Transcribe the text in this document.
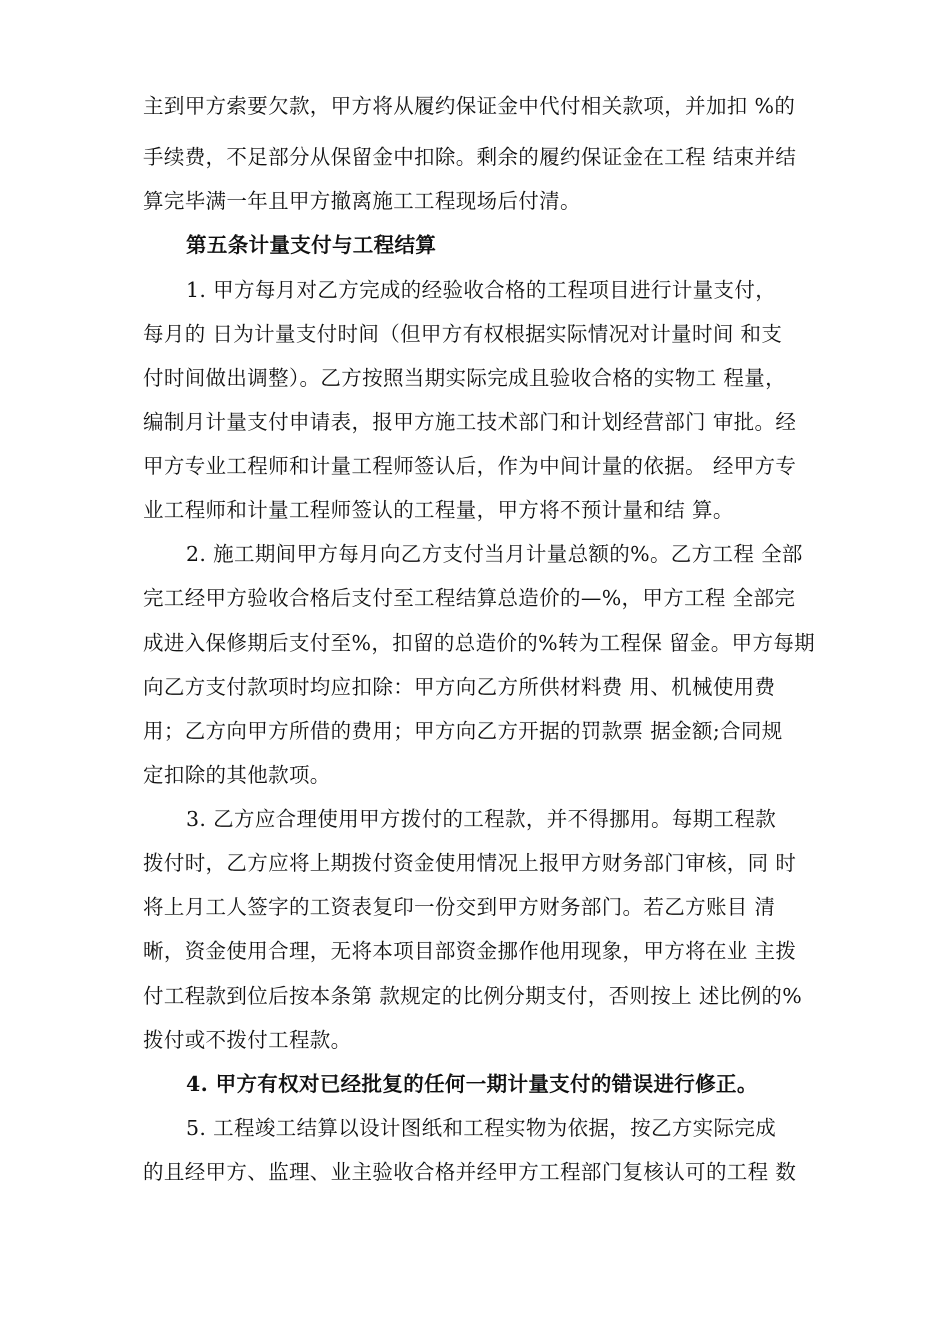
主到甲方索要欠款，甲方将从履约保证金中代付相关款项，并加扣 %的
手续费，不足部分从保留金中扣除。剩余的履约保证金在工程 结束并结
算完毕满一年且甲方撤离施工工程现场后付清。
第五条计量支付与工程结算
1. 甲方每月对乙方完成的经验收合格的工程项目进行计量支付，
每月的 日为计量支付时间（但甲方有权根据实际情况对计量时间 和支
付时间做出调整）。乙方按照当期实际完成且验收合格的实物工 程量，
编制月计量支付申请表，报甲方施工技术部门和计划经营部门 审批。经
甲方专业工程师和计量工程师签认后，作为中间计量的依据。 经甲方专
业工程师和计量工程师签认的工程量，甲方将不预计量和结 算。
2. 施工期间甲方每月向乙方支付当月计量总额的%。乙方工程 全部
完工经甲方验收合格后支付至工程结算总造价的—%，甲方工程 全部完
成进入保修期后支付至%，扣留的总造价的%转为工程保 留金。甲方每期
向乙方支付款项时均应扣除：甲方向乙方所供材料费 用、机械使用费
用；乙方向甲方所借的费用；甲方向乙方开据的罚款票 据金额;合同规
定扣除的其他款项。
3. 乙方应合理使用甲方拨付的工程款，并不得挪用。每期工程款
拨付时，乙方应将上期拨付资金使用情况上报甲方财务部门审核，同 时
将上月工人签字的工资表复印一份交到甲方财务部门。若乙方账目 清
晰，资金使用合理，无将本项目部资金挪作他用现象，甲方将在业 主拨
付工程款到位后按本条第 款规定的比例分期支付，否则按上 述比例的%
拨付或不拨付工程款。
4. 甲方有权对已经批复的任何一期计量支付的错误进行修正。
5. 工程竣工结算以设计图纸和工程实物为依据，按乙方实际完成
的且经甲方、监理、业主验收合格并经甲方工程部门复核认可的工程 数
